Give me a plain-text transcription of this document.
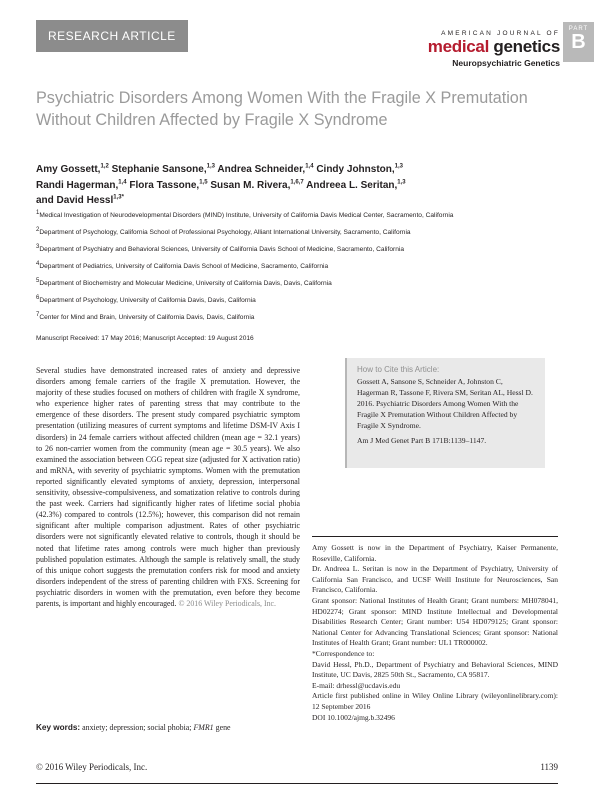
RESEARCH ARTICLE	AMERICAN JOURNAL OF
medical genetics
Neuropsychiatric Genetics
PART
B
Psychiatric Disorders Among Women With the Fragile X Premutation Without Children Affected by Fragile X Syndrome
Amy Gossett,$^{1,2}$ Stephanie Sansone,$^{1,3}$ Andrea Schneider,$^{1,4}$ Cindy Johnston,$^{1,3}$
Randi Hagerman,$^{1,4}$ Flora Tassone,$^{1,5}$ Susan M. Rivera,$^{1,6,7}$ Andreea L. Seritan,$^{1,3}$
and David Hessl$^{1,3*}$
$^1$Medical Investigation of Neurodevelopmental Disorders (MIND) Institute, University of California Davis Medical Center, Sacramento, California
$^2$Department of Psychology, California School of Professional Psychology, Alliant International University, Sacramento, California
$^3$Department of Psychiatry and Behavioral Sciences, University of California Davis School of Medicine, Sacramento, California
$^4$Department of Pediatrics, University of California Davis School of Medicine, Sacramento, California
$^5$Department of Biochemistry and Molecular Medicine, University of California Davis, Davis, California
$^6$Department of Psychology, University of California Davis, Davis, California
$^7$Center for Mind and Brain, University of California Davis, Davis, California
Manuscript Received: 17 May 2016; Manuscript Accepted: 19 August 2016

Several studies have demonstrated increased rates of anxiety and depressive disorders among female carriers of the fragile X premutation. However, the majority of these studies focused on mothers of children with fragile X syndrome, who experience higher rates of parenting stress that may contribute to the emergence of these disorders. The present study compared psychiatric symptom presentation (utilizing measures of current symptoms and lifetime DSM-IV Axis I disorders) in 24 female carriers without affected children (mean age = 32.1 years) to 26 non-carrier women from the community (mean age = 30.5 years). We also examined the association between CGG repeat size (adjusted for X activation ratio) and mRNA, with severity of psychiatric symptoms. Women with the premutation reported significantly elevated symptoms of anxiety, depression, interpersonal sensitivity, obsessive-compulsiveness, and somatization relative to controls during the past week. Carriers had significantly higher rates of lifetime social phobia (42.3%) compared to controls (12.5%); however, this comparison did not remain significant after multiple comparison adjustment. Rates of other psychiatric disorders were not significantly elevated relative to controls, though it should be noted that lifetime rates among controls were much higher than previously published population estimates. Although the sample is relatively small, the study of this unique cohort suggests the premutation confers risk for mood and anxiety disorders independent of the stress of parenting children with FXS. Screening for psychiatric disorders in women with the premutation, even before they become parents, is important and highly encouraged. © 2016 Wiley Periodicals, Inc.

Key words: anxiety; depression; social phobia; FMR1 gene
How to Cite this Article:
Gossett A, Sansone S, Schneider A, Johnston C, Hagerman R, Tassone F, Rivera SM, Seritan AL, Hessl D. 2016. Psychiatric Disorders Among Women With the Fragile X Premutation Without Children Affected by Fragile X Syndrome.
Am J Med Genet Part B 171B:1139–1147.
Amy Gossett is now in the Department of Psychiatry, Kaiser Permanente, Roseville, California.
Dr. Andreea L. Seritan is now in the Department of Psychiatry, University of California San Francisco, and UCSF Weill Institute for Neurosciences, San Francisco, California.
Grant sponsor: National Institutes of Health Grant; Grant numbers: MH078041, HD02274; Grant sponsor: MIND Institute Intellectual and Developmental Disabilities Research Center; Grant number: U54 HD079125; Grant sponsor: National Center for Advancing Translational Sciences; Grant sponsor: National Institutes of Health Grant; Grant number: UL1 TR000002.
*Correspondence to:
David Hessl, Ph.D., Department of Psychiatry and Behavioral Sciences, MIND Institute, UC Davis, 2825 50th St., Sacramento, CA 95817.
E-mail: drhessl@ucdavis.edu
Article first published online in Wiley Online Library (wileyonlinelibrary.com): 12 September 2016
DOI 10.1002/ajmg.b.32496
© 2016 Wiley Periodicals, Inc.	1139
